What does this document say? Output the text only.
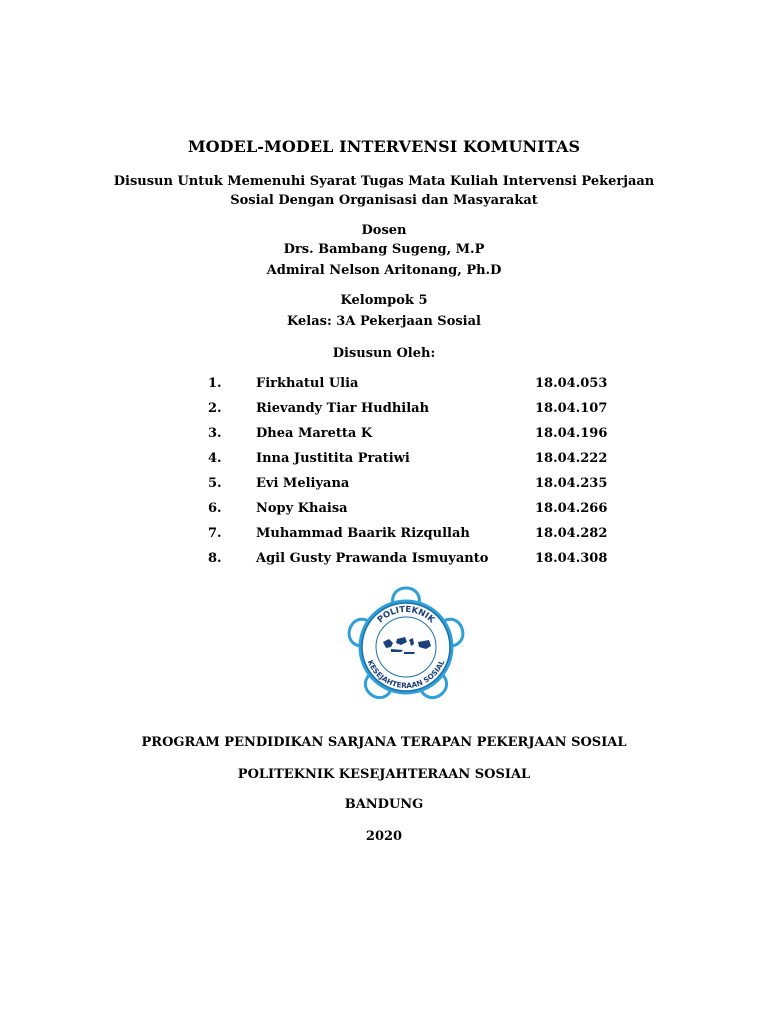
MODEL-MODEL INTERVENSI KOMUNITAS
Disusun Untuk Memenuhi Syarat Tugas Mata Kuliah Intervensi Pekerjaan
Sosial Dengan Organisasi dan Masyarakat
Dosen
Drs. Bambang Sugeng, M.P
Admiral Nelson Aritonang, Ph.D
Kelompok 5
Kelas: 3A Pekerjaan Sosial
Disusun Oleh:
1.	Firkhatul Ulia	18.04.053
2.	Rievandy Tiar Hudhilah	18.04.107
3.	Dhea Maretta K	18.04.196
4.	Inna Justitita Pratiwi	18.04.222
5.	Evi Meliyana	18.04.235
6.	Nopy Khaisa	18.04.266
7.	Muhammad Baarik Rizqullah	18.04.282
8.	Agil Gusty Prawanda Ismuyanto	18.04.308
POLITEKNIK
KESEJAHTERAAN SOSIAL
PROGRAM PENDIDIKAN SARJANA TERAPAN PEKERJAAN SOSIAL
POLITEKNIK KESEJAHTERAAN SOSIAL
BANDUNG
2020
